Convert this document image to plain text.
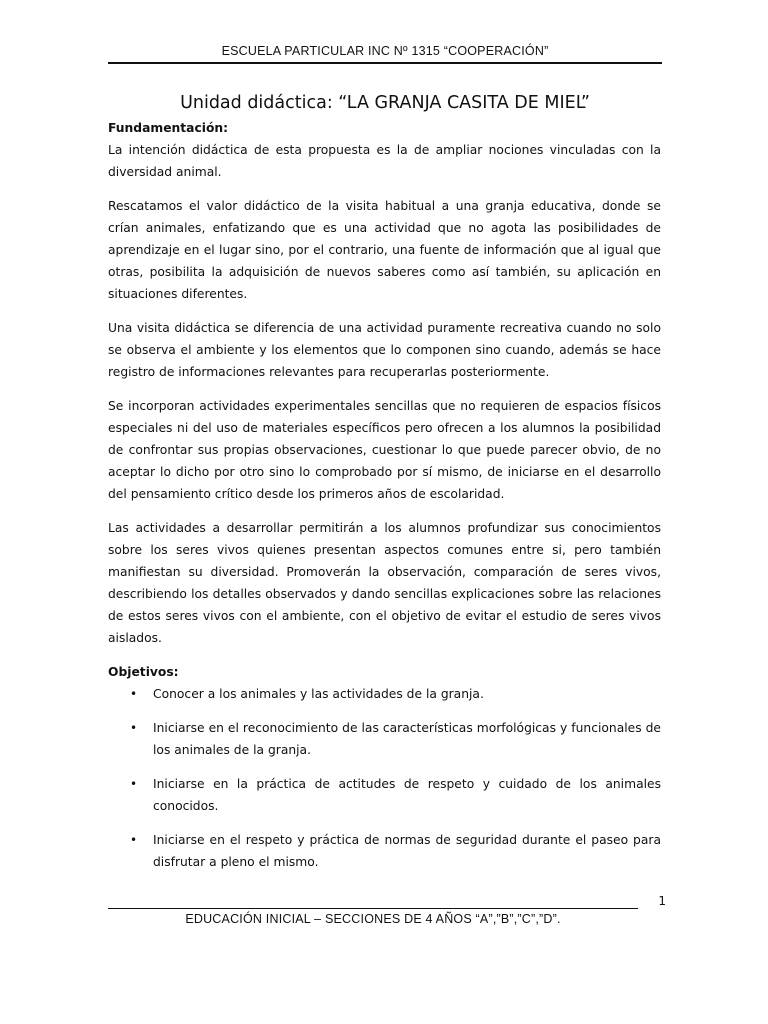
ESCUELA PARTICULAR INC Nº 1315 “COOPERACIÓN”
Unidad didáctica: “LA GRANJA CASITA DE MIEL”

Fundamentación:

La intención didáctica de esta propuesta es la de ampliar nociones vinculadas con la diversidad animal.

Rescatamos el valor didáctico de la visita habitual a una granja educativa, donde se crían animales, enfatizando que es una actividad que no agota las posibilidades de aprendizaje en el lugar sino, por el contrario, una fuente de información que al igual que otras, posibilita la adquisición de nuevos saberes como así también, su aplicación en situaciones diferentes.

Una visita didáctica se diferencia de una actividad puramente recreativa cuando no solo se observa el ambiente y los elementos que lo componen sino cuando, además se hace registro de informaciones relevantes para recuperarlas posteriormente.

Se incorporan actividades experimentales sencillas que no requieren de espacios físicos especiales ni del uso de materiales específicos pero ofrecen a los alumnos la posibilidad de confrontar sus propias observaciones, cuestionar lo que puede parecer obvio, de no aceptar lo dicho por otro sino lo comprobado por sí mismo, de iniciarse en el desarrollo del pensamiento crítico desde los primeros años de escolaridad.

Las actividades a desarrollar permitirán a los alumnos profundizar sus conocimientos sobre los seres vivos quienes presentan aspectos comunes entre si, pero también manifiestan su diversidad. Promoverán la observación, comparación de seres vivos, describiendo los detalles observados y dando sencillas explicaciones sobre las relaciones de estos seres vivos con el ambiente, con el objetivo de evitar el estudio de seres vivos aislados.

Objetivos:

• Conocer a los animales y las actividades de la granja.
• Iniciarse en el reconocimiento de las características morfológicas y funcionales de los animales de la granja.
• Iniciarse en la práctica de actitudes de respeto y cuidado de los animales conocidos.
• Iniciarse en el respeto y práctica de normas de seguridad durante el paseo para disfrutar a pleno el mismo.
1
EDUCACIÓN INICIAL – SECCIONES DE 4 AÑOS “A”,”B”,”C”,”D”.
